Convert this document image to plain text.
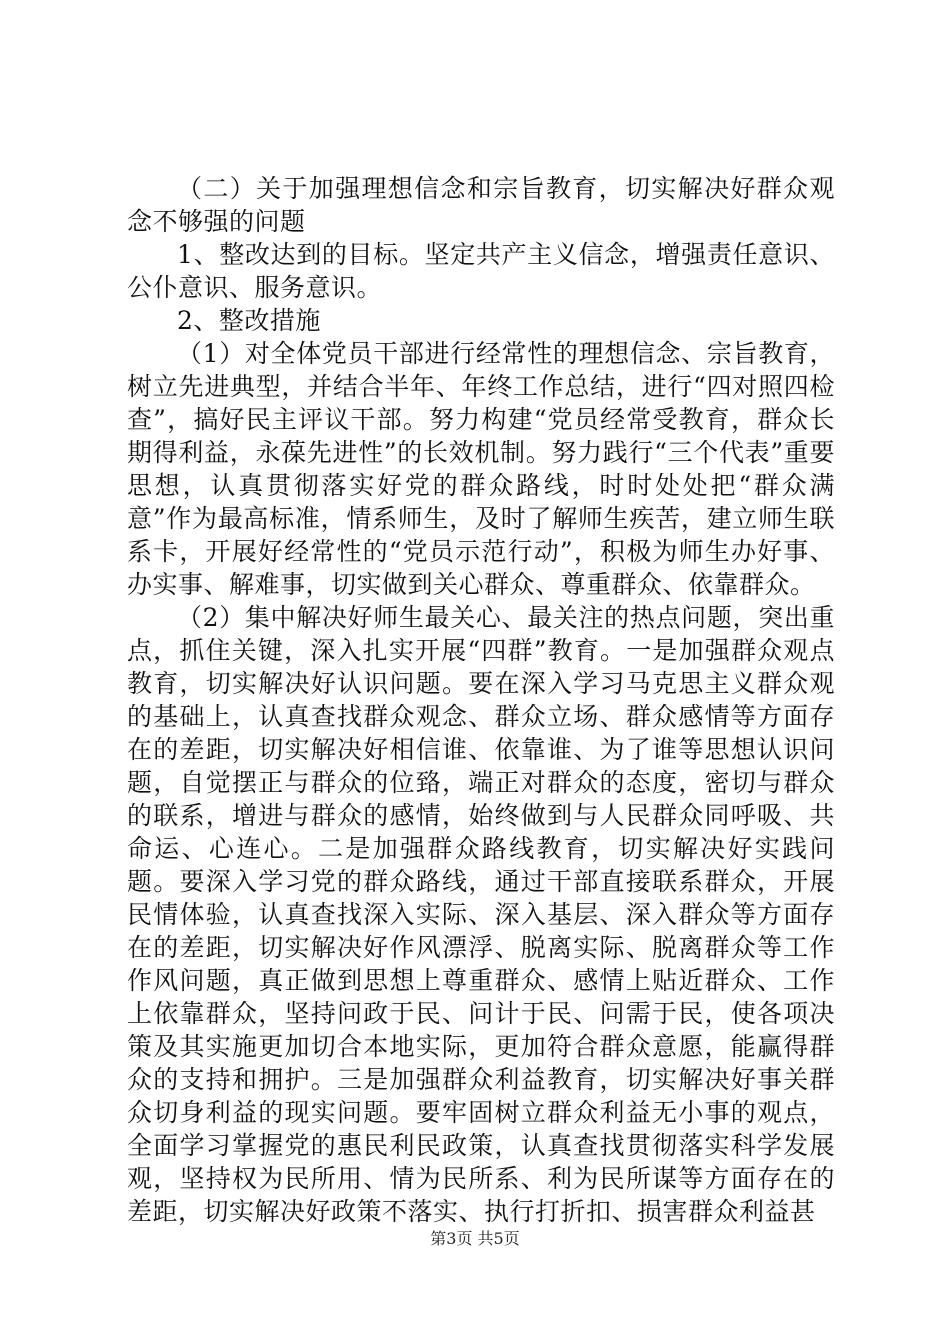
（二）关于加强理想信念和宗旨教育，切实解决好群众观念不够强的问题

1、整改达到的目标。坚定共产主义信念，增强责任意识、公仆意识、服务意识。

2、整改措施

（1）对全体党员干部进行经常性的理想信念、宗旨教育，树立先进典型，并结合半年、年终工作总结，进行“四对照四检查”，搞好民主评议干部。努力构建“党员经常受教育，群众长期得利益，永葆先进性”的长效机制。努力践行“三个代表”重要思想，认真贯彻落实好党的群众路线，时时处处把“群众满意”作为最高标准，情系师生，及时了解师生疾苦，建立师生联系卡，开展好经常性的“党员示范行动”，积极为师生办好事、办实事、解难事，切实做到关心群众、尊重群众、依靠群众。

（2）集中解决好师生最关心、最关注的热点问题，突出重点，抓住关键，深入扎实开展“四群”教育。一是加强群众观点教育，切实解决好认识问题。要在深入学习马克思主义群众观的基础上，认真查找群众观念、群众立场、群众感情等方面存在的差距，切实解决好相信谁、依靠谁、为了谁等思想认识问题，自觉摆正与群众的位臵，端正对群众的态度，密切与群众的联系，增进与群众的感情，始终做到与人民群众同呼吸、共命运、心连心。二是加强群众路线教育，切实解决好实践问题。要深入学习党的群众路线，通过干部直接联系群众，开展民情体验，认真查找深入实际、深入基层、深入群众等方面存在的差距，切实解决好作风漂浮、脱离实际、脱离群众等工作作风问题，真正做到思想上尊重群众、感情上贴近群众、工作上依靠群众，坚持问政于民、问计于民、问需于民，使各项决策及其实施更加切合本地实际，更加符合群众意愿，能赢得群众的支持和拥护。三是加强群众利益教育，切实解决好事关群众切身利益的现实问题。要牢固树立群众利益无小事的观点，全面学习掌握党的惠民利民政策，认真查找贯彻落实科学发展观，坚持权为民所用、情为民所系、利为民所谋等方面存在的差距，切实解决好政策不落实、执行打折扣、损害群众利益甚

第3页 共5页
